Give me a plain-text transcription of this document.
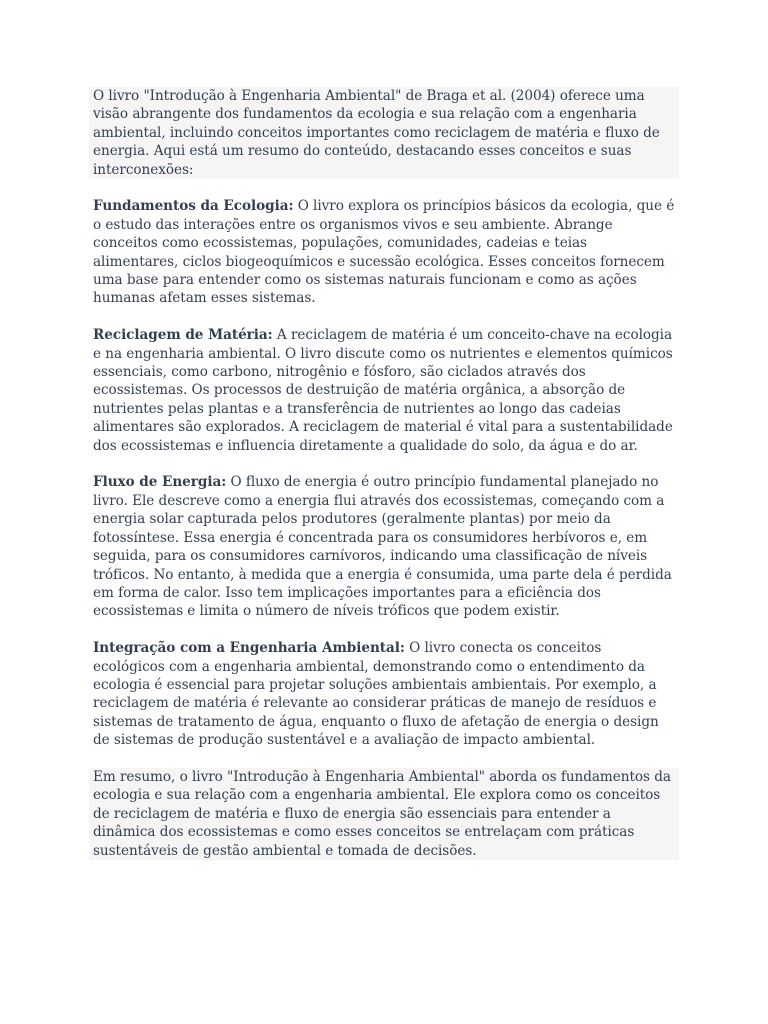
O livro "Introdução à Engenharia Ambiental" de Braga et al. (2004) oferece uma visão abrangente dos fundamentos da ecologia e sua relação com a engenharia ambiental, incluindo conceitos importantes como reciclagem de matéria e fluxo de energia. Aqui está um resumo do conteúdo, destacando esses conceitos e suas interconexões:

Fundamentos da Ecologia: O livro explora os princípios básicos da ecologia, que é o estudo das interações entre os organismos vivos e seu ambiente. Abrange conceitos como ecossistemas, populações, comunidades, cadeias e teias alimentares, ciclos biogeoquímicos e sucessão ecológica. Esses conceitos fornecem uma base para entender como os sistemas naturais funcionam e como as ações humanas afetam esses sistemas.

Reciclagem de Matéria: A reciclagem de matéria é um conceito-chave na ecologia e na engenharia ambiental. O livro discute como os nutrientes e elementos químicos essenciais, como carbono, nitrogênio e fósforo, são ciclados através dos ecossistemas. Os processos de destruição de matéria orgânica, a absorção de nutrientes pelas plantas e a transferência de nutrientes ao longo das cadeias alimentares são explorados. A reciclagem de material é vital para a sustentabilidade dos ecossistemas e influencia diretamente a qualidade do solo, da água e do ar.

Fluxo de Energia: O fluxo de energia é outro princípio fundamental planejado no livro. Ele descreve como a energia flui através dos ecossistemas, começando com a energia solar capturada pelos produtores (geralmente plantas) por meio da fotossíntese. Essa energia é concentrada para os consumidores herbívoros e, em seguida, para os consumidores carnívoros, indicando uma classificação de níveis tróficos. No entanto, à medida que a energia é consumida, uma parte dela é perdida em forma de calor. Isso tem implicações importantes para a eficiência dos ecossistemas e limita o número de níveis tróficos que podem existir.

Integração com a Engenharia Ambiental: O livro conecta os conceitos ecológicos com a engenharia ambiental, demonstrando como o entendimento da ecologia é essencial para projetar soluções ambientais ambientais. Por exemplo, a reciclagem de matéria é relevante ao considerar práticas de manejo de resíduos e sistemas de tratamento de água, enquanto o fluxo de afetação de energia o design de sistemas de produção sustentável e a avaliação de impacto ambiental.

Em resumo, o livro "Introdução à Engenharia Ambiental" aborda os fundamentos da ecologia e sua relação com a engenharia ambiental. Ele explora como os conceitos de reciclagem de matéria e fluxo de energia são essenciais para entender a dinâmica dos ecossistemas e como esses conceitos se entrelaçam com práticas sustentáveis de gestão ambiental e tomada de decisões.
